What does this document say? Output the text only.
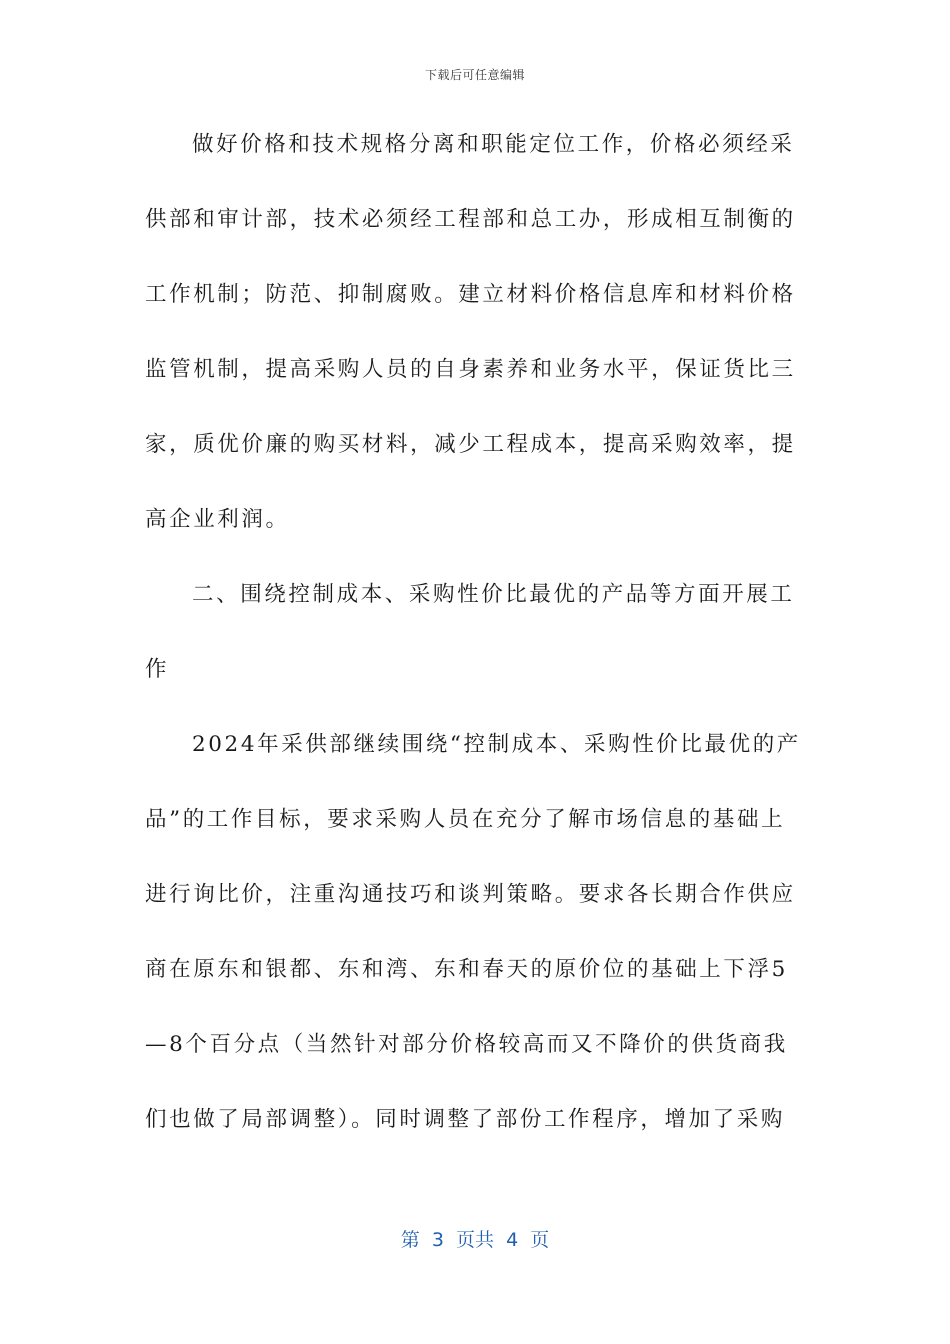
下载后可任意编辑
做好价格和技术规格分离和职能定位工作，价格必须经采
供部和审计部，技术必须经工程部和总工办，形成相互制衡的
工作机制；防范、抑制腐败。建立材料价格信息库和材料价格
监管机制，提高采购人员的自身素养和业务水平，保证货比三
家，质优价廉的购买材料，减少工程成本，提高采购效率，提
高企业利润。
二、围绕控制成本、采购性价比最优的产品等方面开展工
作
2024年采供部继续围绕“控制成本、采购性价比最优的产
品”的工作目标，要求采购人员在充分了解市场信息的基础上
进行询比价，注重沟通技巧和谈判策略。要求各长期合作供应
商在原东和银都、东和湾、东和春天的原价位的基础上下浮5
—8个百分点（当然针对部分价格较高而又不降价的供货商我
们也做了局部调整）。同时调整了部份工作程序，增加了采购
第  3  页共  4  页
